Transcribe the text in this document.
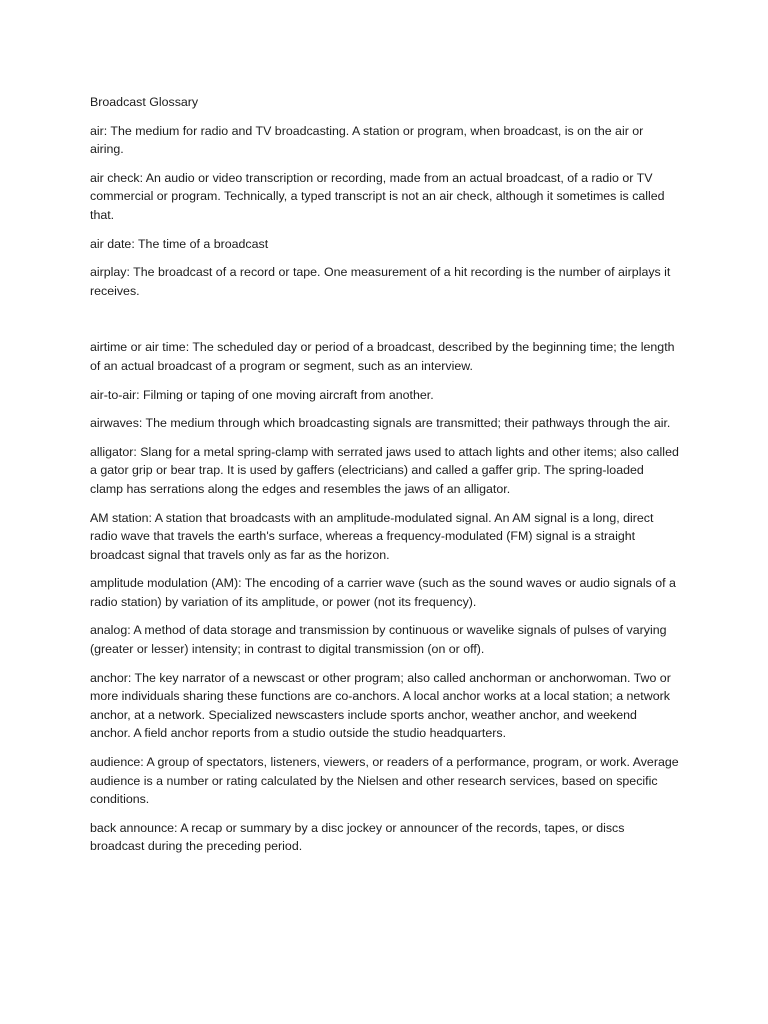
Broadcast Glossary

air: The medium for radio and TV broadcasting. A station or program, when broadcast, is on the air or airing.

air check: An audio or video transcription or recording, made from an actual broadcast, of a radio or TV commercial or program. Technically, a typed transcript is not an air check, although it sometimes is called that.

air date: The time of a broadcast

airplay: The broadcast of a record or tape. One measurement of a hit recording is the number of airplays it receives.

airtime or air time: The scheduled day or period of a broadcast, described by the beginning time; the length of an actual broadcast of a program or segment, such as an interview.

air-to-air: Filming or taping of one moving aircraft from another.

airwaves: The medium through which broadcasting signals are transmitted; their pathways through the air.

alligator: Slang for a metal spring-clamp with serrated jaws used to attach lights and other items; also called a gator grip or bear trap. It is used by gaffers (electricians) and called a gaffer grip. The spring-loaded clamp has serrations along the edges and resembles the jaws of an alligator.

AM station: A station that broadcasts with an amplitude-modulated signal. An AM signal is a long, direct radio wave that travels the earth's surface, whereas a frequency-modulated (FM) signal is a straight broadcast signal that travels only as far as the horizon.

amplitude modulation (AM): The encoding of a carrier wave (such as the sound waves or audio signals of a radio station) by variation of its amplitude, or power (not its frequency).

analog: A method of data storage and transmission by continuous or wavelike signals of pulses of varying (greater or lesser) intensity; in contrast to digital transmission (on or off).

anchor: The key narrator of a newscast or other program; also called anchorman or anchorwoman. Two or more individuals sharing these functions are co-anchors. A local anchor works at a local station; a network anchor, at a network. Specialized newscasters include sports anchor, weather anchor, and weekend anchor. A field anchor reports from a studio outside the studio headquarters.

audience: A group of spectators, listeners, viewers, or readers of a performance, program, or work. Average audience is a number or rating calculated by the Nielsen and other research services, based on specific conditions.

back announce: A recap or summary by a disc jockey or announcer of the records, tapes, or discs broadcast during the preceding period.
